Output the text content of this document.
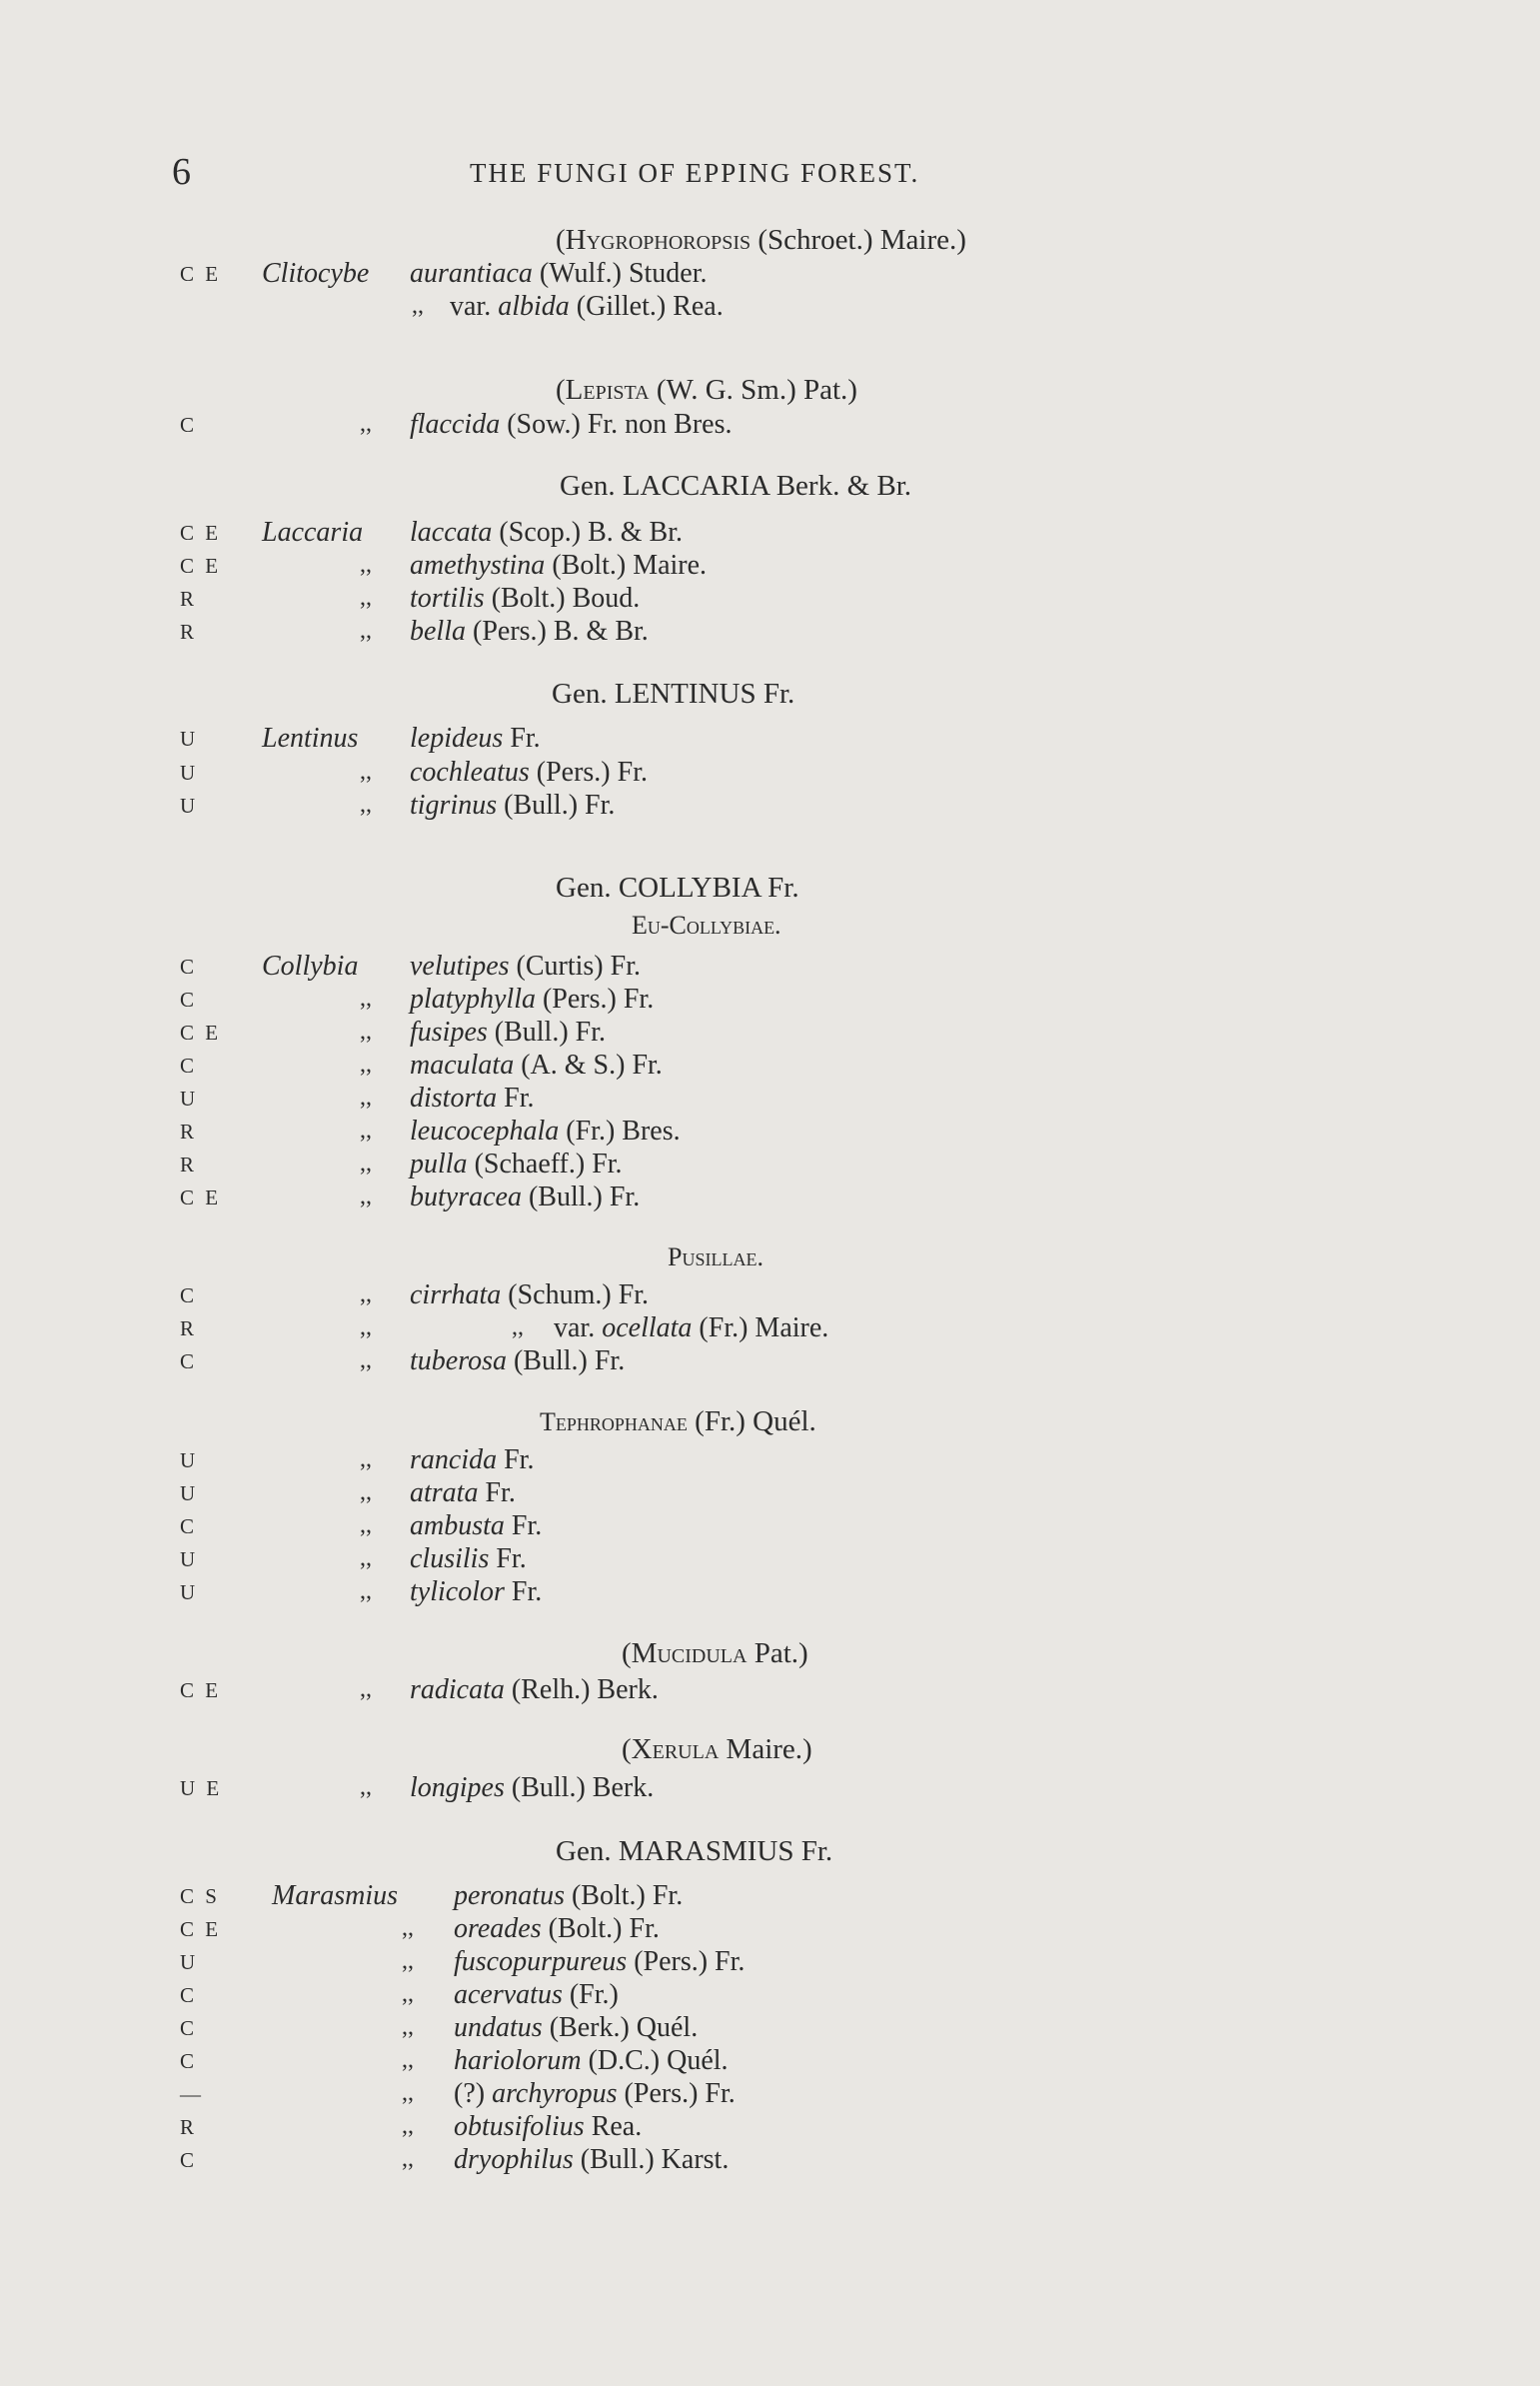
6	THE FUNGI OF EPPING FOREST.
(Hygrophoropsis (Schroet.) Maire.)
C E Clitocybe aurantiaca (Wulf.) Studer.
,, var. albida (Gillet.) Rea.
(Lepista (W. G. Sm.) Pat.)
C	,, flaccida (Sow.) Fr. non Bres.
Gen. LACCARIA Berk. & Br.
C E Laccaria laccata (Scop.) B. & Br.
C E	,, amethystina (Bolt.) Maire.
R	,, tortilis (Bolt.) Boud.
R	,, bella (Pers.) B. & Br.
Gen. LENTINUS Fr.
U Lentinus lepideus Fr.
U	,, cochleatus (Pers.) Fr.
U	,, tigrinus (Bull.) Fr.
Gen. COLLYBIA Fr.
Eu-Collybiae.
C Collybia velutipes (Curtis) Fr.
C	,, platyphylla (Pers.) Fr.
C E	,, fusipes (Bull.) Fr.
C	,, maculata (A. & S.) Fr.
U	,, distorta Fr.
R	,, leucocephala (Fr.) Bres.
R	,, pulla (Schaeff.) Fr.
C E	,, butyracea (Bull.) Fr.
Pusillae.
C	,, cirrhata (Schum.) Fr.
R	,,	,, var. ocellata (Fr.) Maire.
C	,, tuberosa (Bull.) Fr.
Tephrophanae (Fr.) Quél.
U	,, rancida Fr.
U	,, atrata Fr.
C	,, ambusta Fr.
U	,, clusilis Fr.
U	,, tylicolor Fr.
(Mucidula Pat.)
C E	,, radicata (Relh.) Berk.
(Xerula Maire.)
U E	,, longipes (Bull.) Berk.
Gen. MARASMIUS Fr.
C S Marasmius peronatus (Bolt.) Fr.
C E	,, oreades (Bolt.) Fr.
U	,, fuscopurpureus (Pers.) Fr.
C	,, acervatus (Fr.)
C	,, undatus (Berk.) Quél.
C	,, hariolorum (D.C.) Quél.
—	,, (?) archyropus (Pers.) Fr.
R	,, obtusifolius Rea.
C	,, dryophilus (Bull.) Karst.
